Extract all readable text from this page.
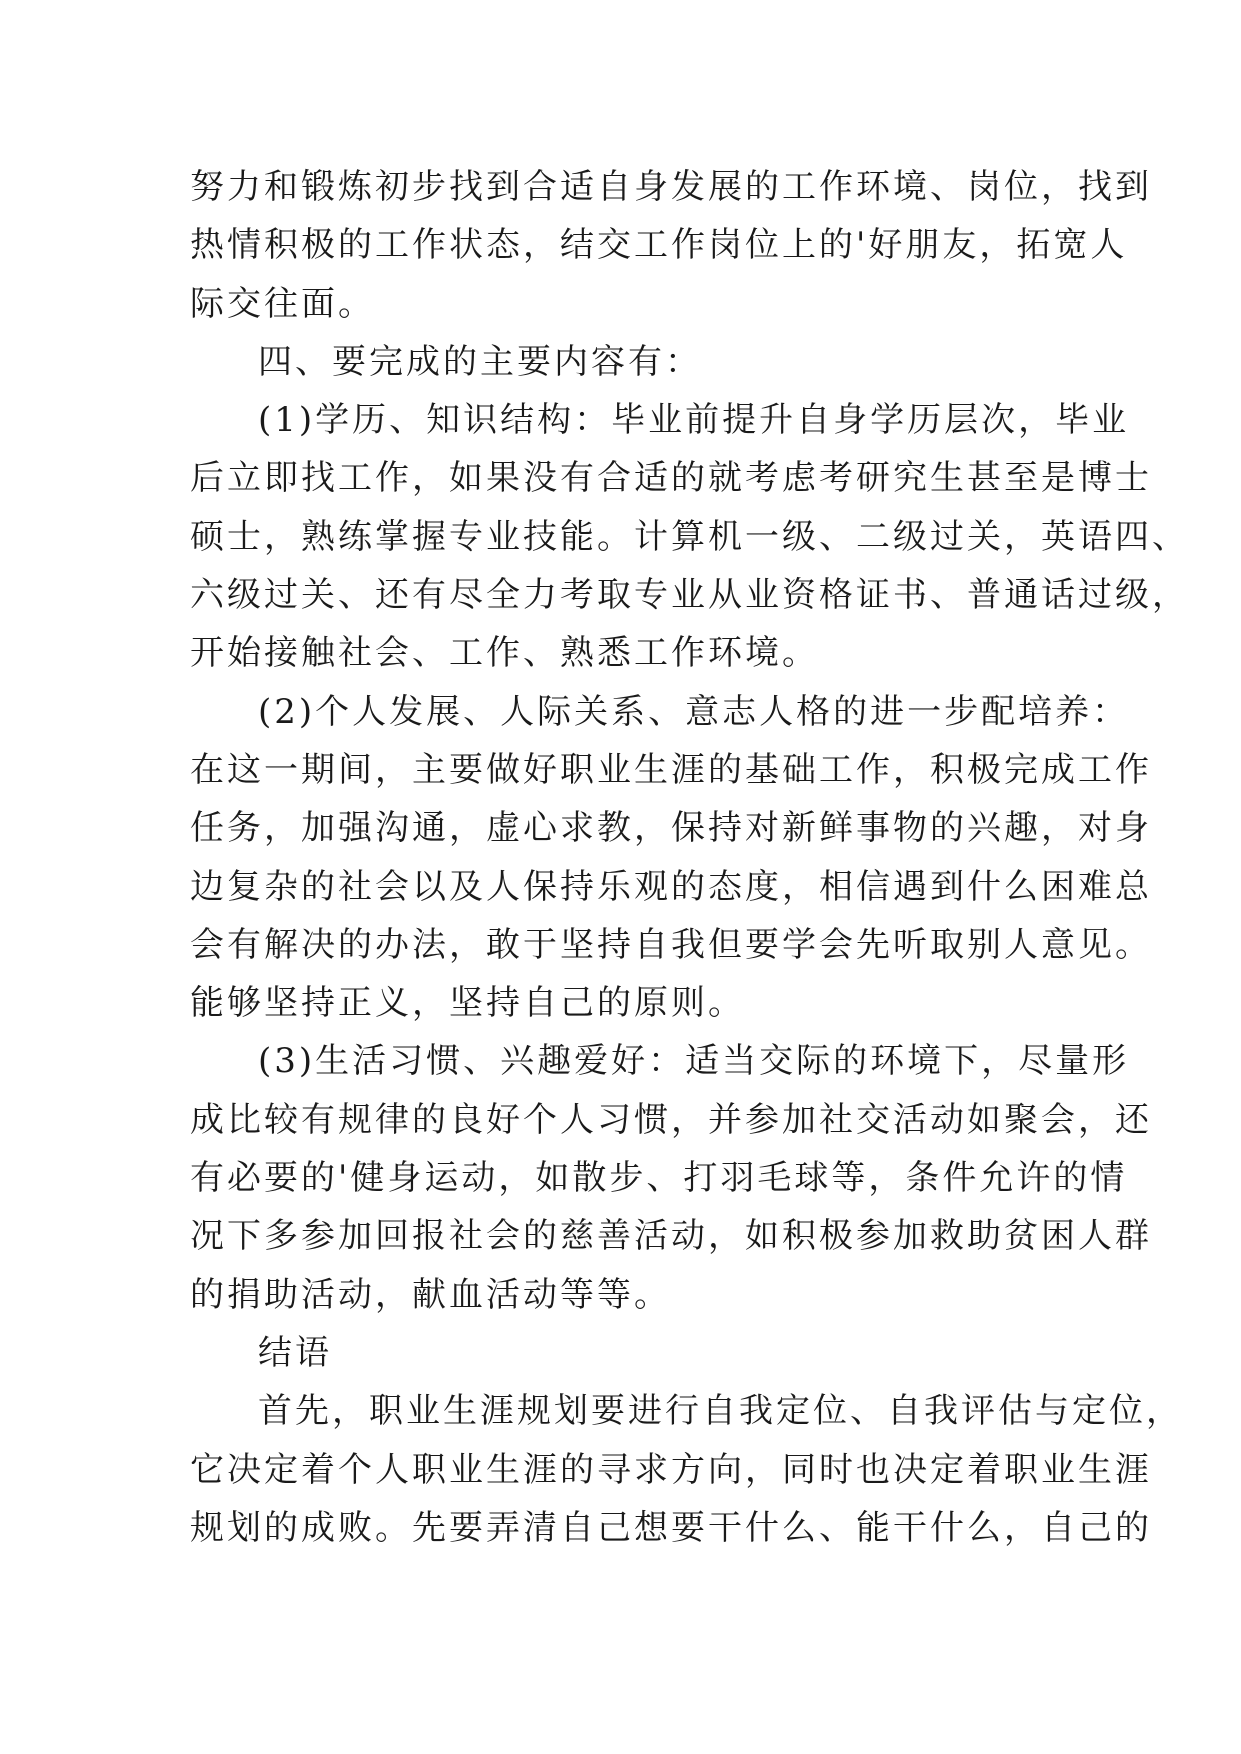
努力和锻炼初步找到合适自身发展的工作环境、岗位，找到
热情积极的工作状态，结交工作岗位上的'好朋友，拓宽人
际交往面。
四、要完成的主要内容有：
(1)学历、知识结构：毕业前提升自身学历层次，毕业
后立即找工作，如果没有合适的就考虑考研究生甚至是博士
硕士，熟练掌握专业技能。计算机一级、二级过关，英语四、
六级过关、还有尽全力考取专业从业资格证书、普通话过级，
开始接触社会、工作、熟悉工作环境。
(2)个人发展、人际关系、意志人格的进一步配培养：
在这一期间，主要做好职业生涯的基础工作，积极完成工作
任务，加强沟通，虚心求教，保持对新鲜事物的兴趣，对身
边复杂的社会以及人保持乐观的态度，相信遇到什么困难总
会有解决的办法，敢于坚持自我但要学会先听取别人意见。
能够坚持正义，坚持自己的原则。
(3)生活习惯、兴趣爱好：适当交际的环境下，尽量形
成比较有规律的良好个人习惯，并参加社交活动如聚会，还
有必要的'健身运动，如散步、打羽毛球等，条件允许的情
况下多参加回报社会的慈善活动，如积极参加救助贫困人群
的捐助活动，献血活动等等。
结语
首先，职业生涯规划要进行自我定位、自我评估与定位，
它决定着个人职业生涯的寻求方向，同时也决定着职业生涯
规划的成败。先要弄清自己想要干什么、能干什么，自己的
